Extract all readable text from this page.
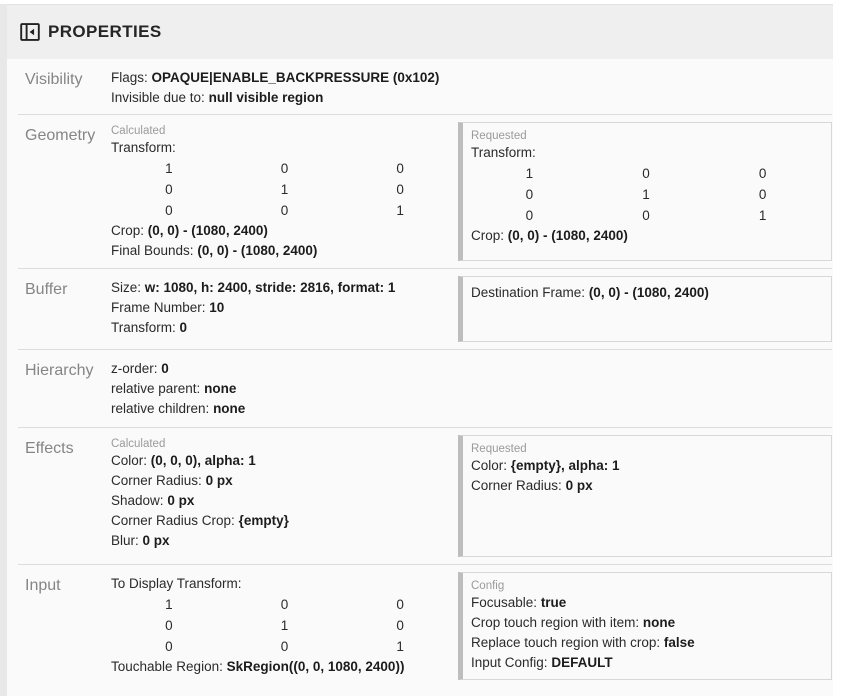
PROPERTIES
Visibility	Flags: OPAQUE|ENABLE_BACKPRESSURE (0x102)
Invisible due to: null visible region
Geometry	Calculated
Transform:
1	0	0
0	1	0
0	0	1
Crop: (0, 0) - (1080, 2400)
Final Bounds: (0, 0) - (1080, 2400)
Requested
Transform:
1	0	0
0	1	0
0	0	1
Crop: (0, 0) - (1080, 2400)
Buffer	Size: w: 1080, h: 2400, stride: 2816, format: 1
Frame Number: 10
Transform: 0
Destination Frame: (0, 0) - (1080, 2400)
Hierarchy	z-order: 0
relative parent: none
relative children: none
Effects	Calculated
Color: (0, 0, 0), alpha: 1
Corner Radius: 0 px
Shadow: 0 px
Corner Radius Crop: {empty}
Blur: 0 px
Requested
Color: {empty}, alpha: 1
Corner Radius: 0 px
Input	To Display Transform:
1	0	0
0	1	0
0	0	1
Touchable Region: SkRegion((0, 0, 1080, 2400))
Config
Focusable: true
Crop touch region with item: none
Replace touch region with crop: false
Input Config: DEFAULT
